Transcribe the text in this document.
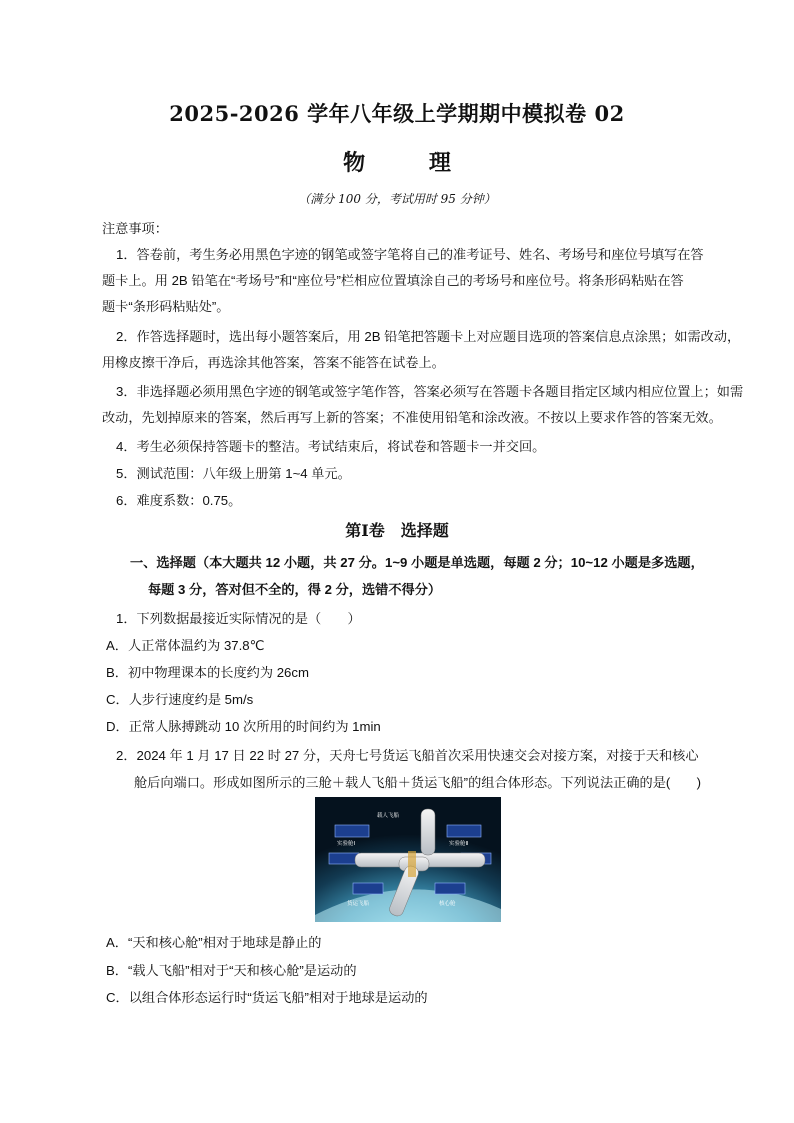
2025-2026 学年八年级上学期期中模拟卷 02
物 理
（满分 100 分，考试用时 95 分钟）
注意事项：
1．答卷前，考生务必用黑色字迹的钢笔或签字笔将自己的准考证号、姓名、考场号和座位号填写在答
题卡上。用 2B 铅笔在“考场号”和“座位号”栏相应位置填涂自己的考场号和座位号。将条形码粘贴在答
题卡“条形码粘贴处”。
2．作答选择题时，选出每小题答案后，用 2B 铅笔把答题卡上对应题目选项的答案信息点涂黑；如需改动，
用橡皮擦干净后，再选涂其他答案，答案不能答在试卷上。
3．非选择题必须用黑色字迹的钢笔或签字笔作答，答案必须写在答题卡各题目指定区域内相应位置上；如需
改动，先划掉原来的答案，然后再写上新的答案；不准使用铅笔和涂改液。不按以上要求作答的答案无效。
4．考生必须保持答题卡的整洁。考试结束后，将试卷和答题卡一并交回。
5．测试范围：八年级上册第 1~4 单元。
6．难度系数：0.75。
第Ⅰ卷 选择题
一、选择题（本大题共 12 小题，共 27 分。1~9 小题是单选题，每题 2 分；10~12 小题是多选题，
每题 3 分，答对但不全的，得 2 分，选错不得分）
1．下列数据最接近实际情况的是（　　）
A．人正常体温约为 37.8℃
B．初中物理课本的长度约为 26cm
C．人步行速度约是 5m/s
D．正常人脉搏跳动 10 次所用的时间约为 1min
2．2024 年 1 月 17 日 22 时 27 分，天舟七号货运飞船首次采用快速交会对接方案，对接于天和核心
舱后向端口。形成如图所示的三舱＋载人飞船＋货运飞船”的组合体形态。下列说法正确的是(　　)
载人飞船
实验舱Ⅰ	实验舱Ⅱ
货运飞船	核心舱
A．“天和核心舱”相对于地球是静止的
B．“载人飞船”相对于“天和核心舱”是运动的
C．以组合体形态运行时“货运飞船”相对于地球是运动的
